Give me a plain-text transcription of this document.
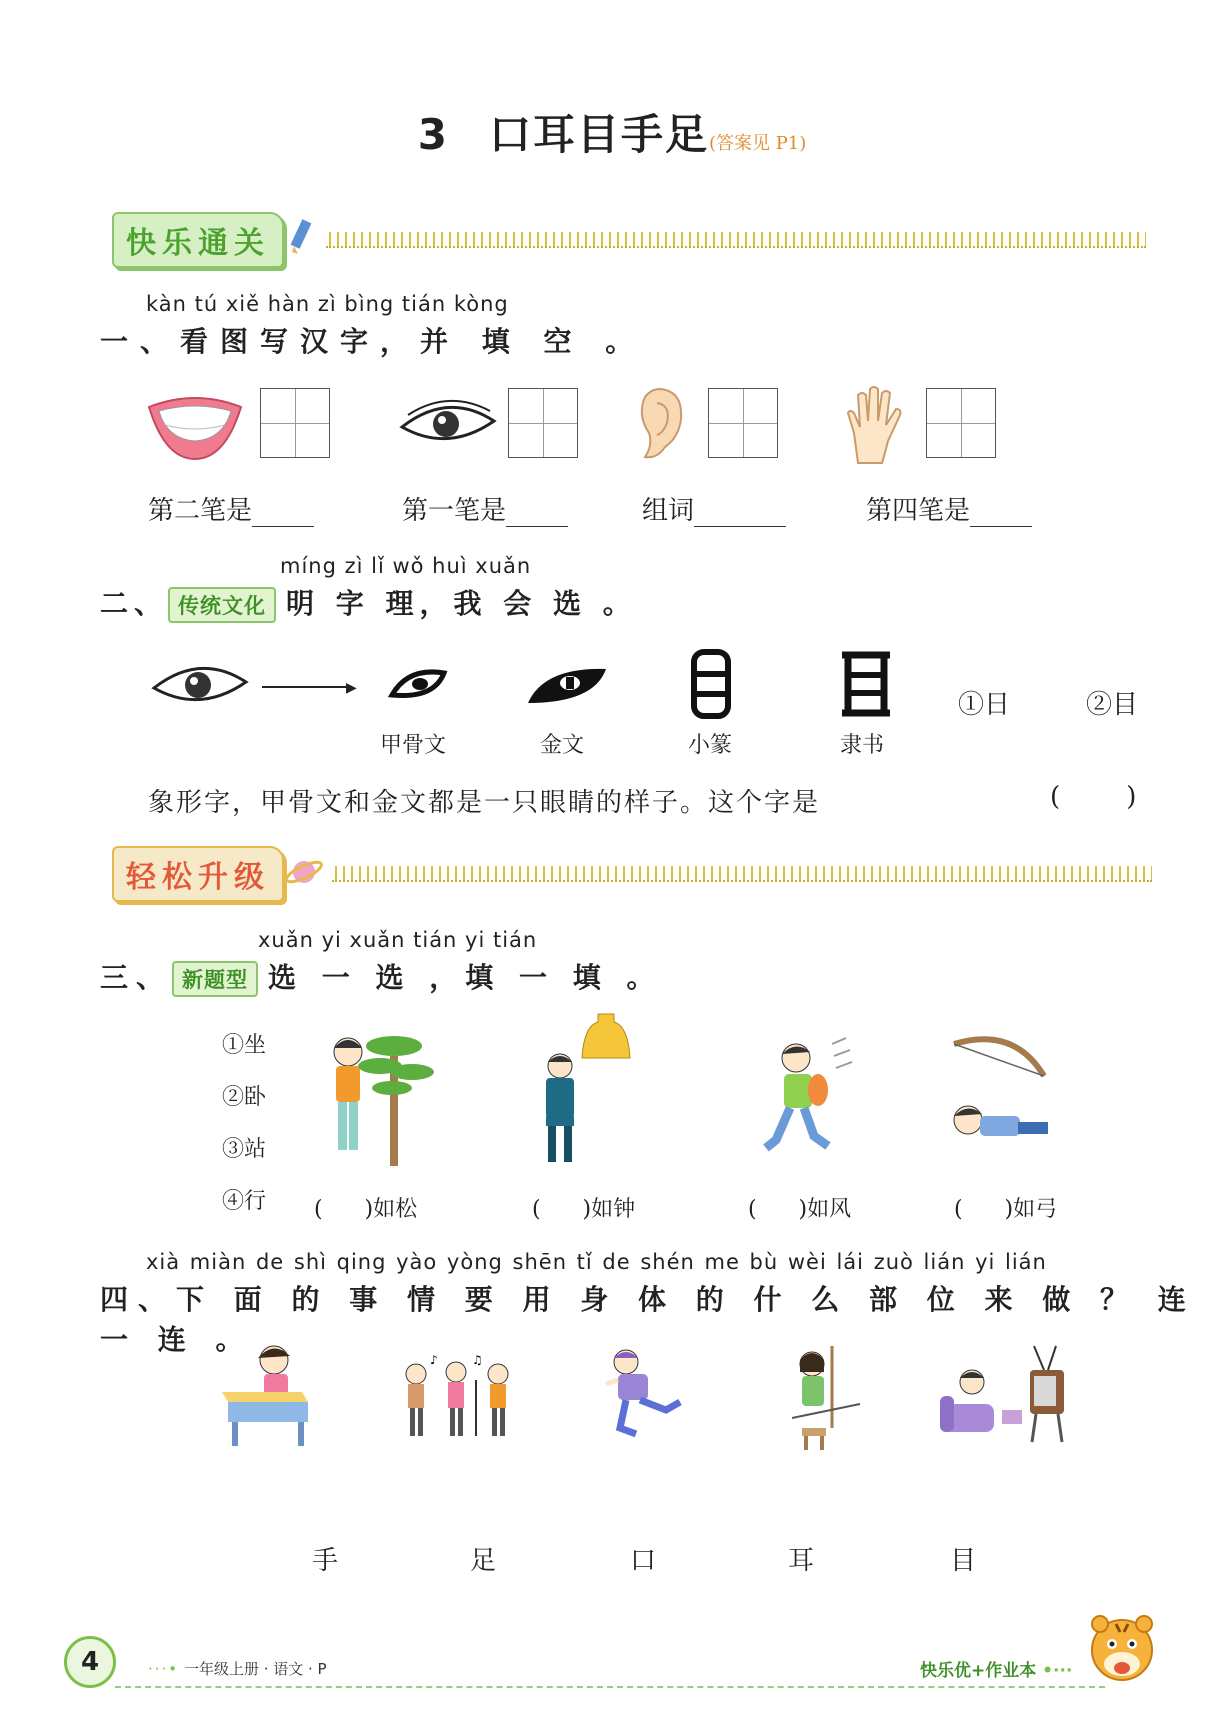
3 口耳目手足(答案见 P1)
快乐通关
kàn tú xiě hàn zì bìng tián kòng
一、看图写汉字，并 填 空 。
第二笔是	第一笔是	组词	第四笔是
míng zì lǐ wǒ huì xuǎn
二、 传统文化 明 字 理，我 会 选 。
▶
甲骨文	金文	小篆	隶书
①日	②目
象形字，甲骨文和金文都是一只眼睛的样子。这个字是	(        )
轻松升级
xuǎn yi xuǎn tián yi tián
三、 新题型 选 一 选 ，填 一 填 。
①坐
②卧
③站
④行 (      )如松	(      )如钟	(      )如风	(      )如弓
xià miàn de shì qing yào yòng shēn tǐ de shén me bù wèi lái zuò lián yi lián
四、下 面 的 事 情 要 用 身 体 的 什 么 部 位 来 做 ？ 连 一 连 。
♪	♫
手	足	口	耳	目
4	···• 一年级上册 · 语文 · P	快乐优+作业本 •···
